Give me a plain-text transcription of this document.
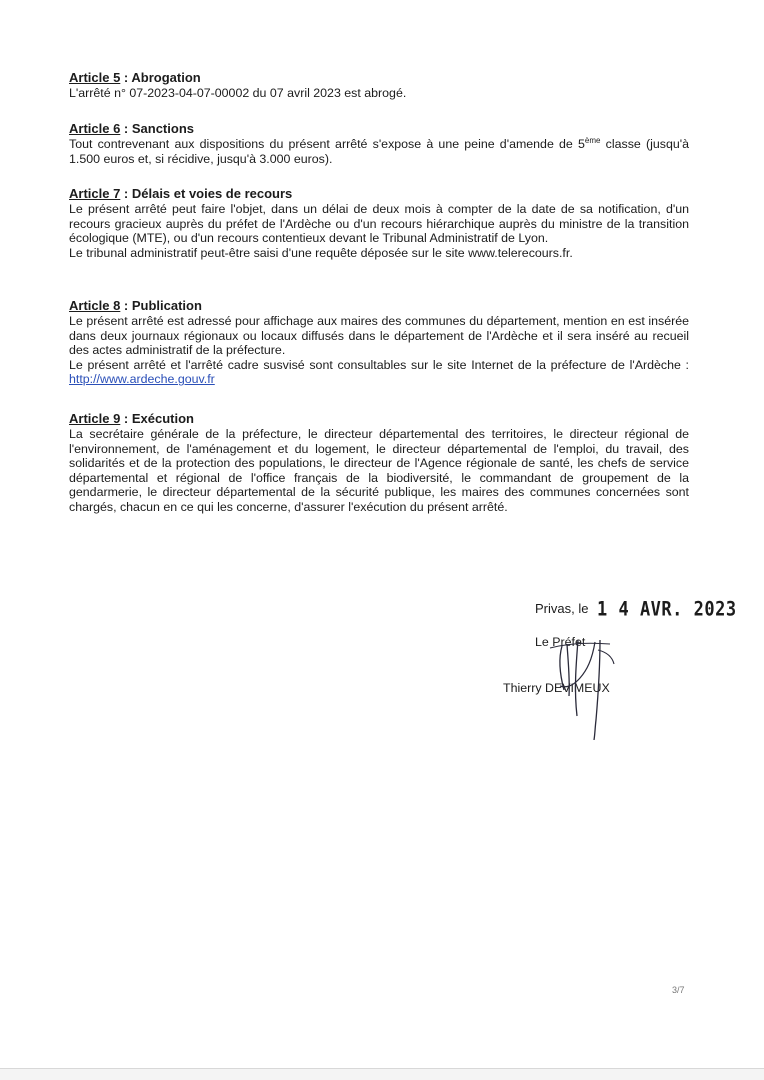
Article 5 : Abrogation

L'arrêté n° 07-2023-04-07-00002 du 07 avril 2023 est abrogé.

Article 6 : Sanctions

Tout contrevenant aux dispositions du présent arrêté s'expose à une peine d'amende de 5ème classe (jusqu'à 1.500 euros et, si récidive, jusqu'à 3.000 euros).

Article 7 : Délais et voies de recours

Le présent arrêté peut faire l'objet, dans un délai de deux mois à compter de la date de sa notification, d'un recours gracieux auprès du préfet de l'Ardèche ou d'un recours hiérarchique auprès du ministre de la transition écologique (MTE), ou d'un recours contentieux devant le Tribunal Administratif de Lyon.

Le tribunal administratif peut-être saisi d'une requête déposée sur le site www.telerecours.fr.

Article 8 : Publication

Le présent arrêté est adressé pour affichage aux maires des communes du département, mention en est insérée dans deux journaux régionaux ou locaux diffusés dans le département de l'Ardèche et il sera inséré au recueil des actes administratif de la préfecture.

Le présent arrêté et l'arrêté cadre susvisé sont consultables sur le site Internet de la préfecture de l'Ardèche : http://www.ardeche.gouv.fr

Article 9 : Exécution

La secrétaire générale de la préfecture, le directeur départemental des territoires, le directeur régional de l'environnement, de l'aménagement et du logement, le directeur départemental de l'emploi, du travail, des solidarités et de la protection des populations, le directeur de l'Agence régionale de santé, les chefs de service départemental et régional de l'office français de la biodiversité, le commandant de groupement de la gendarmerie, le directeur départemental de la sécurité publique, les maires des communes concernées sont chargés, chacun en ce qui les concerne, d'assurer l'exécution du présent arrêté.

Privas, le 1 4 AVR. 2023
Le Préfet
Thierry DEVIMEUX
3/7
